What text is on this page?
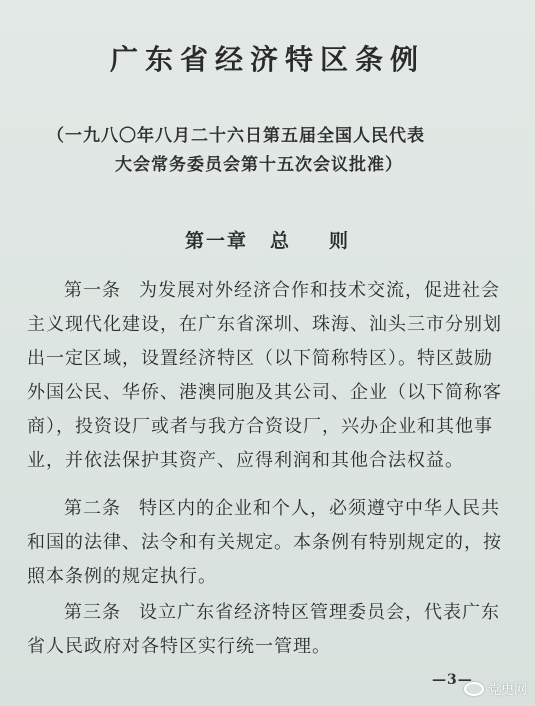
广东省经济特区条例
（一九八〇年八月二十六日第五届全国人民代表
大会常务委员会第十五次会议批准）
第一章 总 则
第一条 为发展对外经济合作和技术交流，促进社会
主义现代化建设，在广东省深圳、珠海、汕头三市分别划
出一定区域，设置经济特区（以下简称特区）。特区鼓励
外国公民、华侨、港澳同胞及其公司、企业（以下简称客
商），投资设厂或者与我方合资设厂，兴办企业和其他事
业，并依法保护其资产、应得利润和其他合法权益。
第二条 特区内的企业和个人，必须遵守中华人民共
和国的法律、法令和有关规定。本条例有特别规定的，按
照本条例的规定执行。
第三条 设立广东省经济特区管理委员会，代表广东
省人民政府对各特区实行统一管理。
—3—
党史网
